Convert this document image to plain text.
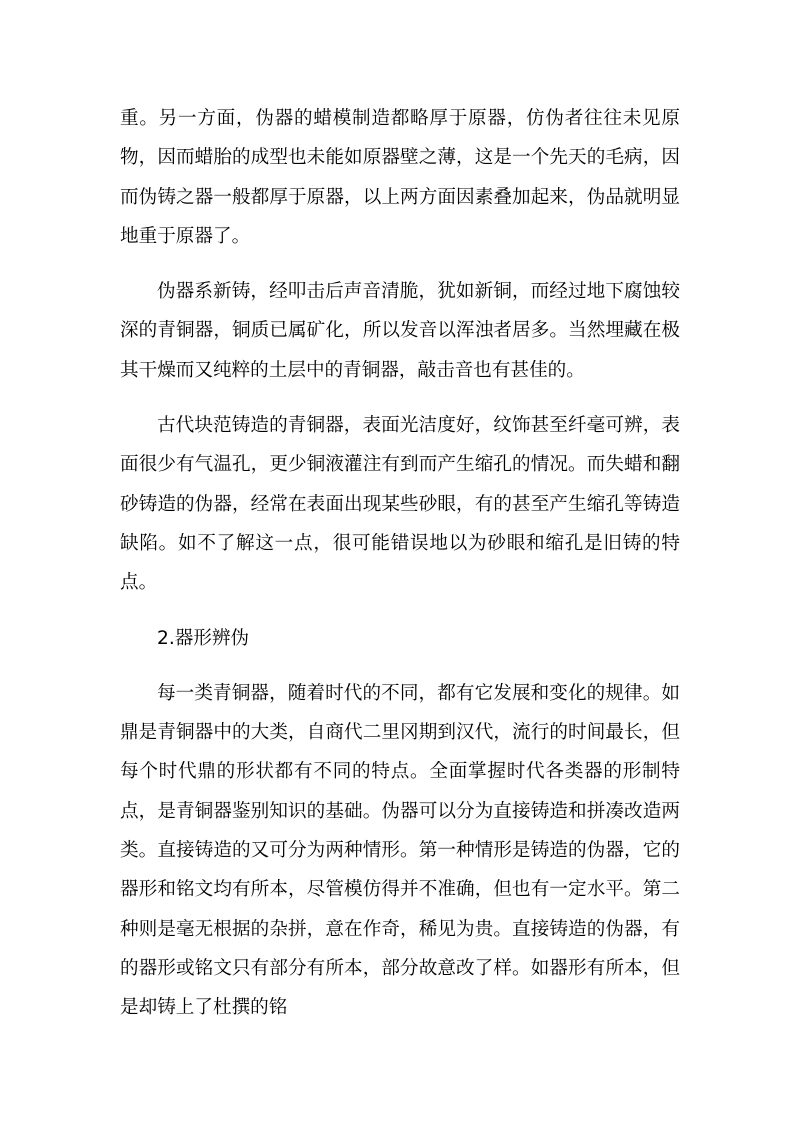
重。另一方面，伪器的蜡模制造都略厚于原器，仿伪者往往未见原物，因而蜡胎的成型也未能如原器壁之薄，这是一个先天的毛病，因而伪铸之器一般都厚于原器，以上两方面因素叠加起来，伪品就明显地重于原器了。

伪器系新铸，经叩击后声音清脆，犹如新铜，而经过地下腐蚀较深的青铜器，铜质已属矿化，所以发音以浑浊者居多。当然埋藏在极其干燥而又纯粹的土层中的青铜器，敲击音也有甚佳的。

古代块范铸造的青铜器，表面光洁度好，纹饰甚至纤毫可辨，表面很少有气温孔，更少铜液灌注有到而产生缩孔的情况。而失蜡和翻砂铸造的伪器，经常在表面出现某些砂眼，有的甚至产生缩孔等铸造缺陷。如不了解这一点，很可能错误地以为砂眼和缩孔是旧铸的特点。

2.器形辨伪

每一类青铜器，随着时代的不同，都有它发展和变化的规律。如鼎是青铜器中的大类，自商代二里冈期到汉代，流行的时间最长，但每个时代鼎的形状都有不同的特点。全面掌握时代各类器的形制特点，是青铜器鉴别知识的基础。伪器可以分为直接铸造和拼凑改造两类。直接铸造的又可分为两种情形。第一种情形是铸造的伪器，它的器形和铭文均有所本，尽管模仿得并不准确，但也有一定水平。第二种则是毫无根据的杂拼，意在作奇，稀见为贵。直接铸造的伪器，有的器形或铭文只有部分有所本，部分故意改了样。如器形有所本，但是却铸上了杜撰的铭
